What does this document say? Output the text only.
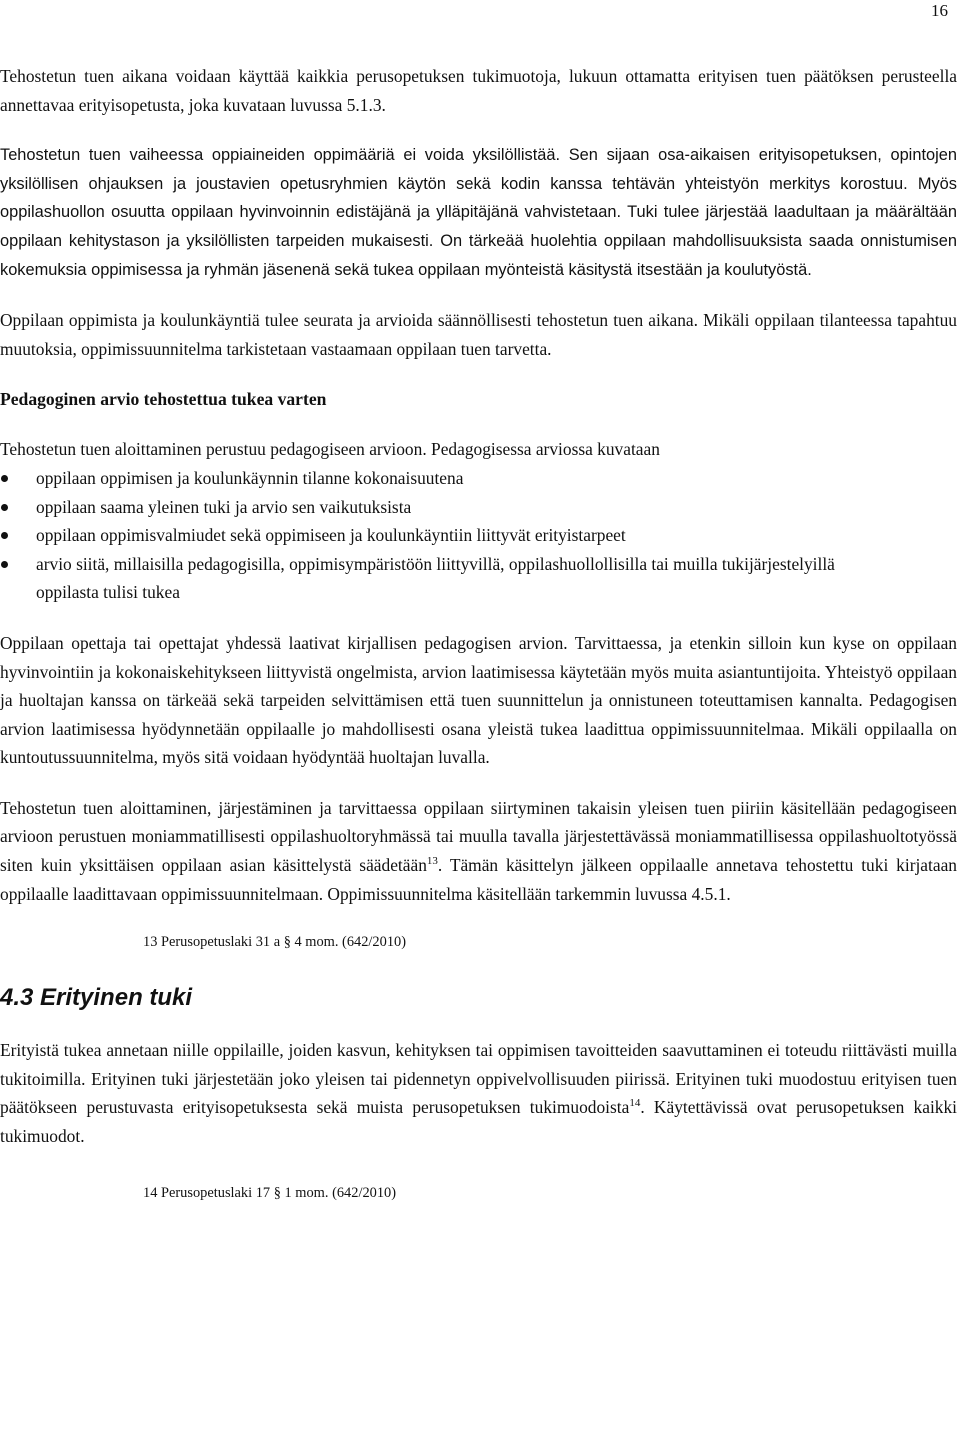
16

Tehostetun tuen aikana voidaan käyttää kaikkia perusopetuksen tukimuotoja, lukuun ottamatta erityisen tuen päätöksen perusteella annettavaa erityisopetusta, joka kuvataan luvussa 5.1.3.

Tehostetun tuen vaiheessa oppiaineiden oppimääriä ei voida yksilöllistää. Sen sijaan osa-aikaisen erityisopetuksen, opintojen yksilöllisen ohjauksen ja joustavien opetusryhmien käytön sekä kodin kanssa tehtävän yhteistyön merkitys korostuu. Myös oppilashuollon osuutta oppilaan hyvinvoinnin edistäjänä ja ylläpitäjänä vahvistetaan. Tuki tulee järjestää laadultaan ja määrältään oppilaan kehitystason ja yksilöllisten tarpeiden mukaisesti. On tärkeää huolehtia oppilaan mahdollisuuksista saada onnistumisen kokemuksia oppimisessa ja ryhmän jäsenenä sekä tukea oppilaan myönteistä käsitystä itsestään ja koulutyöstä.

Oppilaan oppimista ja koulunkäyntiä tulee seurata ja arvioida säännöllisesti tehostetun tuen aikana. Mikäli oppilaan tilanteessa tapahtuu muutoksia, oppimissuunnitelma tarkistetaan vastaamaan oppilaan tuen tarvetta.

Pedagoginen arvio tehostettua tukea varten

Tehostetun tuen aloittaminen perustuu pedagogiseen arvioon. Pedagogisessa arviossa kuvataan

oppilaan oppimisen ja koulunkäynnin tilanne kokonaisuutena
oppilaan saama yleinen tuki ja arvio sen vaikutuksista
oppilaan oppimisvalmiudet sekä oppimiseen ja koulunkäyntiin liittyvät erityistarpeet
arvio siitä, millaisilla pedagogisilla, oppimisympäristöön liittyvillä, oppilashuollollisilla tai muilla tukijärjestelyillä oppilasta tulisi tukea

Oppilaan opettaja tai opettajat yhdessä laativat kirjallisen pedagogisen arvion. Tarvittaessa, ja etenkin silloin kun kyse on oppilaan hyvinvointiin ja kokonaiskehitykseen liittyvistä ongelmista, arvion laatimisessa käytetään myös muita asiantuntijoita. Yhteistyö oppilaan ja huoltajan kanssa on tärkeää sekä tarpeiden selvittämisen että tuen suunnittelun ja onnistuneen toteuttamisen kannalta. Pedagogisen arvion laatimisessa hyödynnetään oppilaalle jo mahdollisesti osana yleistä tukea laadittua oppimissuunnitelmaa. Mikäli oppilaalla on kuntoutussuunnitelma, myös sitä voidaan hyödyntää huoltajan luvalla.

Tehostetun tuen aloittaminen, järjestäminen ja tarvittaessa oppilaan siirtyminen takaisin yleisen tuen piiriin käsitellään pedagogiseen arvioon perustuen moniammatillisesti oppilashuoltoryhmässä tai muulla tavalla järjestettävässä moniammatillisessa oppilashuoltotyössä siten kuin yksittäisen oppilaan asian käsittelystä säädetään$^{13}$. Tämän käsittelyn jälkeen oppilaalle annetava tehostettu tuki kirjataan oppilaalle laadittavaan oppimissuunnitelmaan. Oppimissuunnitelma käsitellään tarkemmin luvussa 4.5.1.

13 Perusopetuslaki 31 a § 4 mom. (642/2010)
4.3 Erityinen tuki

Erityistä tukea annetaan niille oppilaille, joiden kasvun, kehityksen tai oppimisen tavoitteiden saavuttaminen ei toteudu riittävästi muilla tukitoimilla. Erityinen tuki järjestetään joko yleisen tai pidennetyn oppivelvollisuuden piirissä. Erityinen tuki muodostuu erityisen tuen päätökseen perustuvasta erityisopetuksesta sekä muista perusopetuksen tukimuodoista$^{14}$. Käytettävissä ovat perusopetuksen kaikki tukimuodot.

14 Perusopetuslaki 17 § 1 mom. (642/2010)
